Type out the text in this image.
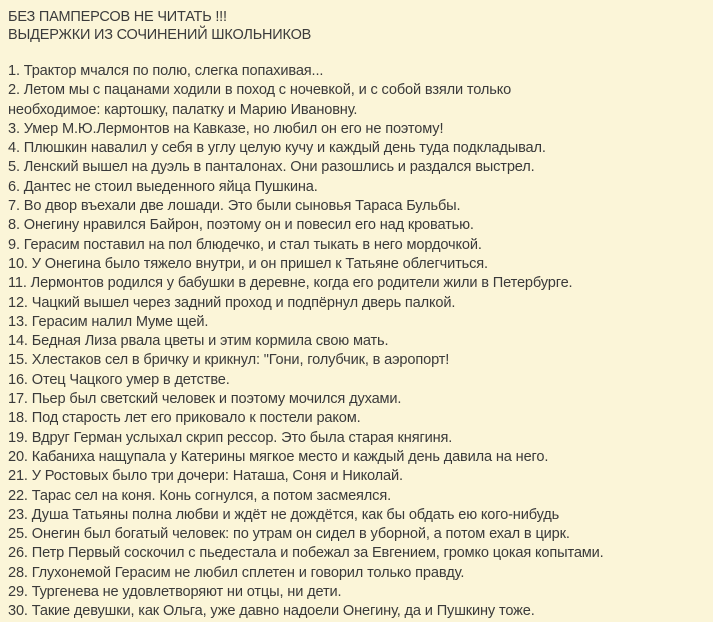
БЕЗ ПАМПЕРСОВ НЕ ЧИТАТЬ !!!
ВЫДЕРЖКИ ИЗ СОЧИНЕНИЙ ШКОЛЬНИКОВ
1. Трактор мчался по полю, слегка попахивая...
2. Летом мы с пацанами ходили в поход с ночевкой, и с собой взяли только
необходимое: картошку, палатку и Марию Ивановну.
3. Умер М.Ю.Лермонтов на Кавказе, но любил он его не поэтому!
4. Плюшкин навалил у себя в углу целую кучу и каждый день туда подкладывал.
5. Ленский вышел на дуэль в панталонах. Они разошлись и раздался выстрел.
6. Дантес не стоил выеденного яйца Пушкина.
7. Во двор въехали две лошади. Это были сыновья Тараса Бульбы.
8. Онегину нравился Байрон, поэтому он и повесил его над кроватью.
9. Герасим поставил на пол блюдечко, и стал тыкать в него мордочкой.
10. У Онегина было тяжело внутри, и он пришел к Татьяне облегчиться.
11. Лермонтов родился у бабушки в деревне, когда его родители жили в Петербурге.
12. Чацкий вышел через задний проход и подпёрнул дверь палкой.
13. Герасим налил Муме щей.
14. Бедная Лиза рвала цветы и этим кормила свою мать.
15. Хлестаков сел в бричку и крикнул: "Гони, голубчик, в аэропорт!
16. Отец Чацкого умер в детстве.
17. Пьер был светский человек и поэтому мочился духами.
18. Под старость лет его приковало к постели раком.
19. Вдруг Герман услыхал скрип рессор. Это была старая княгиня.
20. Кабаниха нащупала у Катерины мягкое место и каждый день давила на него.
21. У Ростовых было три дочери: Наташа, Соня и Николай.
22. Тарас сел на коня. Конь согнулся, а потом засмеялся.
23. Душа Татьяны полна любви и ждёт не дождётся, как бы обдать ею кого-нибудь
25. Онегин был богатый человек: по утрам он сидел в уборной, а потом ехал в цирк.
26. Петр Первый соскочил с пьедестала и побежал за Евгением, громко цокая копытами.
28. Глухонемой Герасим не любил сплетен и говорил только правду.
29. Тургенева не удовлетворяют ни отцы, ни дети.
30. Такие девушки, как Ольга, уже давно надоели Онегину, да и Пушкину тоже.
